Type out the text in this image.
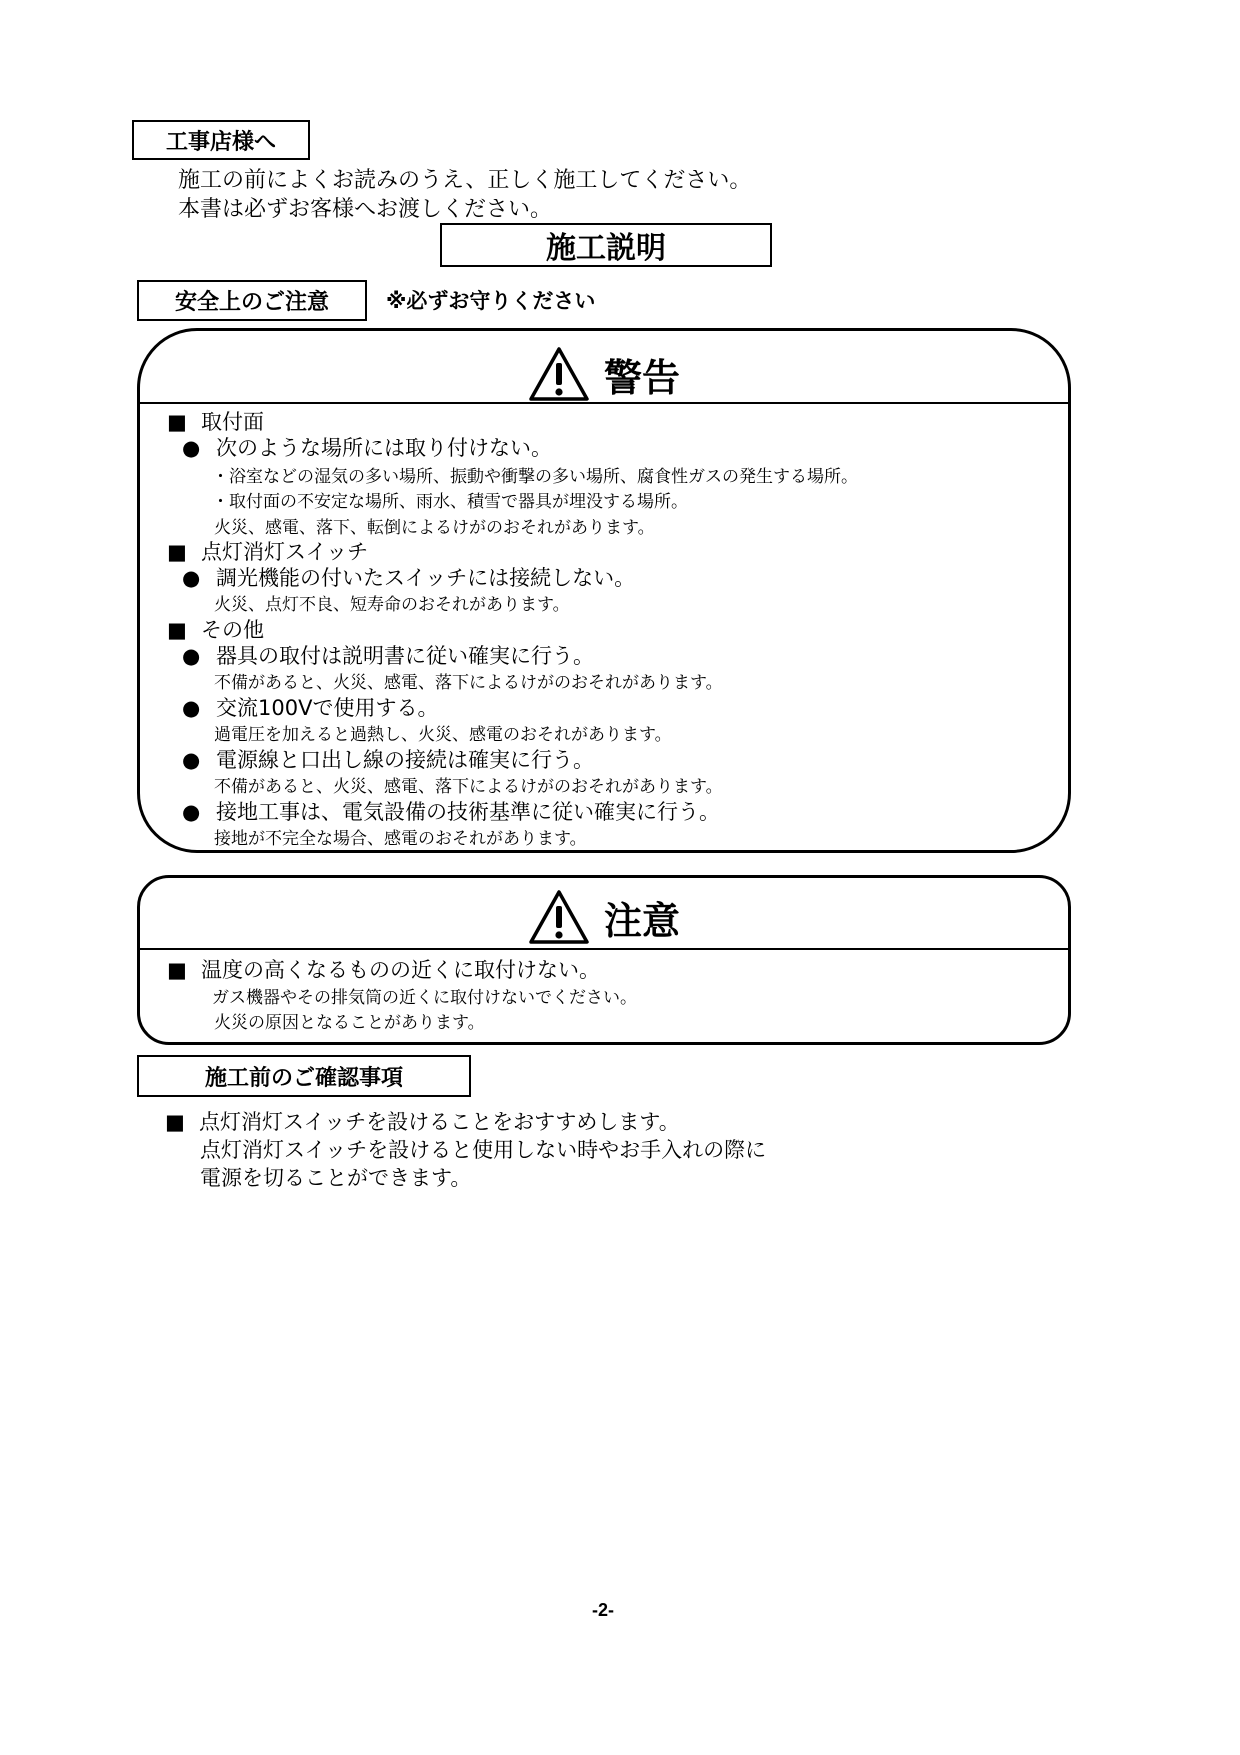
工事店様へ
施工の前によくお読みのうえ、正しく施工してください。
本書は必ずお客様へお渡しください。
施工説明
安全上のご注意	※必ずお守りください
警告
■ 取付面
● 次のような場所には取り付けない。
・浴室などの湿気の多い場所、振動や衝撃の多い場所、腐食性ガスの発生する場所。
・取付面の不安定な場所、雨水、積雪で器具が埋没する場所。
火災、感電、落下、転倒によるけがのおそれがあります。
■ 点灯消灯スイッチ
● 調光機能の付いたスイッチには接続しない。
火災、点灯不良、短寿命のおそれがあります。
■ その他
● 器具の取付は説明書に従い確実に行う。
不備があると、火災、感電、落下によるけがのおそれがあります。
● 交流100Vで使用する。
過電圧を加えると過熱し、火災、感電のおそれがあります。
● 電源線と口出し線の接続は確実に行う。
不備があると、火災、感電、落下によるけがのおそれがあります。
● 接地工事は、電気設備の技術基準に従い確実に行う。
接地が不完全な場合、感電のおそれがあります。
注意
■ 温度の高くなるものの近くに取付けない。
ガス機器やその排気筒の近くに取付けないでください。
火災の原因となることがあります。
施工前のご確認事項
■ 点灯消灯スイッチを設けることをおすすめします。
点灯消灯スイッチを設けると使用しない時やお手入れの際に
電源を切ることができます。
-2-
